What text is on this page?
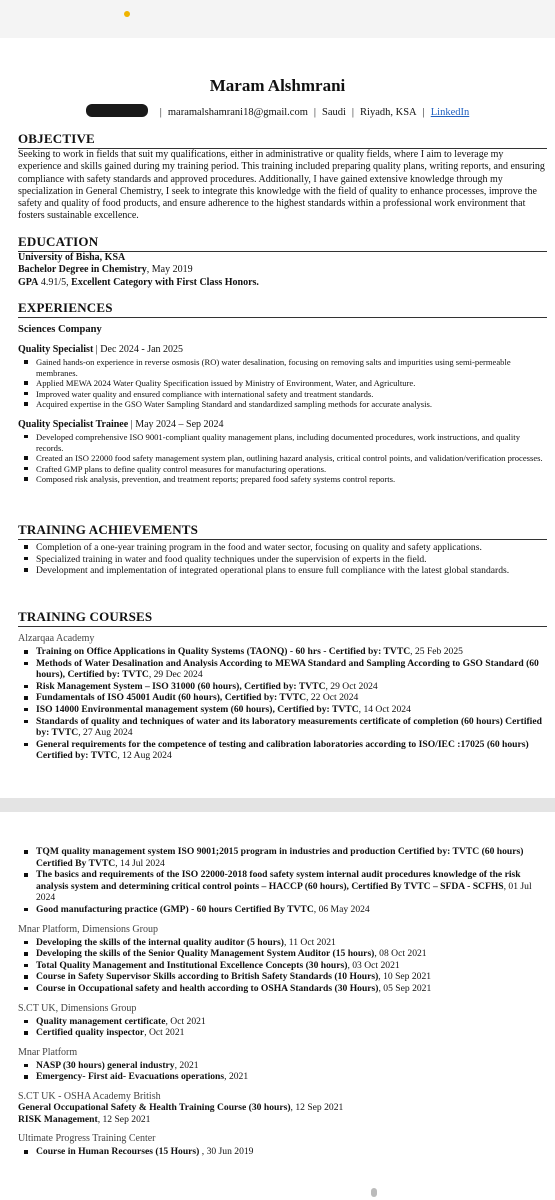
Maram Alshmrani
| maramalshamrani18@gmail.com | Saudi | Riyadh, KSA | LinkedIn
OBJECTIVE

Seeking to work in fields that suit my qualifications, either in administrative or quality fields, where I aim to leverage my experience and skills gained during my training period. This training included preparing quality plans, writing reports, and ensuring compliance with safety standards and approved procedures. Additionally, I have gained extensive knowledge through my specialization in General Chemistry, I seek to integrate this knowledge with the field of quality to enhance processes, improve the safety and quality of food products, and ensure adherence to the highest standards within a professional work environment that fosters sustainable excellence.

EDUCATION

University of Bisha, KSA

Bachelor Degree in Chemistry, May 2019

GPA 4.91/5, Excellent Category with First Class Honors.

EXPERIENCES
Sciences Company
Quality Specialist | Dec 2024 - Jan 2025
Gained hands-on experience in reverse osmosis (RO) water desalination, focusing on removing salts and impurities using semi-permeable membranes.
Applied MEWA 2024 Water Quality Specification issued by Ministry of Environment, Water, and Agriculture.
Improved water quality and ensured compliance with international safety and treatment standards.
Acquired expertise in the GSO Water Sampling Standard and standardized sampling methods for accurate analysis.
Quality Specialist Trainee | May 2024 – Sep 2024
Developed comprehensive ISO 9001-compliant quality management plans, including documented procedures, work instructions, and quality records.
Created an ISO 22000 food safety management system plan, outlining hazard analysis, critical control points, and validation/verification processes.
Crafted GMP plans to define quality control measures for manufacturing operations.
Composed risk analysis, prevention, and treatment reports; prepared food safety systems control reports.
TRAINING ACHIEVEMENTS
Completion of a one-year training program in the food and water sector, focusing on quality and safety applications.
Specialized training in water and food quality techniques under the supervision of experts in the field.
Development and implementation of integrated operational plans to ensure full compliance with the latest global standards.
TRAINING COURSES
Alzarqaa Academy
Training on Office Applications in Quality Systems (TAONQ) - 60 hrs - Certified by: TVTC, 25 Feb 2025
Methods of Water Desalination and Analysis According to MEWA Standard and Sampling According to GSO Standard (60 hours), Certified by: TVTC, 29 Dec 2024
Risk Management System – ISO 31000 (60 hours), Certified by: TVTC, 29 Oct 2024
Fundamentals of ISO 45001 Audit (60 hours), Certified by: TVTC, 22 Oct 2024
ISO 14000 Environmental management system (60 hours), Certified by: TVTC, 14 Oct 2024
Standards of quality and techniques of water and its laboratory measurements certificate of completion (60 hours) Certified by: TVTC, 27 Aug 2024
General requirements for the competence of testing and calibration laboratories according to ISO/IEC :17025 (60 hours) Certified by: TVTC, 12 Aug 2024
TQM quality management system ISO 9001;2015 program in industries and production Certified by: TVTC (60 hours) Certified By TVTC, 14 Jul 2024
The basics and requirements of the ISO 22000-2018 food safety system internal audit procedures knowledge of the risk analysis system and determining critical control points – HACCP (60 hours), Certified By TVTC – SFDA - SCFHS, 01 Jul 2024
Good manufacturing practice (GMP) - 60 hours Certified By TVTC, 06 May 2024
Mnar Platform, Dimensions Group
Developing the skills of the internal quality auditor (5 hours), 11 Oct 2021
Developing the skills of the Senior Quality Management System Auditor (15 hours), 08 Oct 2021
Total Quality Management and Institutional Excellence Concepts (30 hours), 03 Oct 2021
Course in Safety Supervisor Skills according to British Safety Standards (10 Hours), 10 Sep 2021
Course in Occupational safety and health according to OSHA Standards (30 Hours), 05 Sep 2021
S.CT UK, Dimensions Group
Quality management certificate, Oct 2021
Certified quality inspector, Oct 2021
Mnar Platform
NASP (30 hours) general industry, 2021
Emergency- First aid- Evacuations operations, 2021
S.CT UK - OSHA Academy British
General Occupational Safety & Health Training Course (30 hours), 12 Sep 2021
RISK Management, 12 Sep 2021
Ultimate Progress Training Center
Course in Human Recourses (15 Hours) , 30 Jun 2019
